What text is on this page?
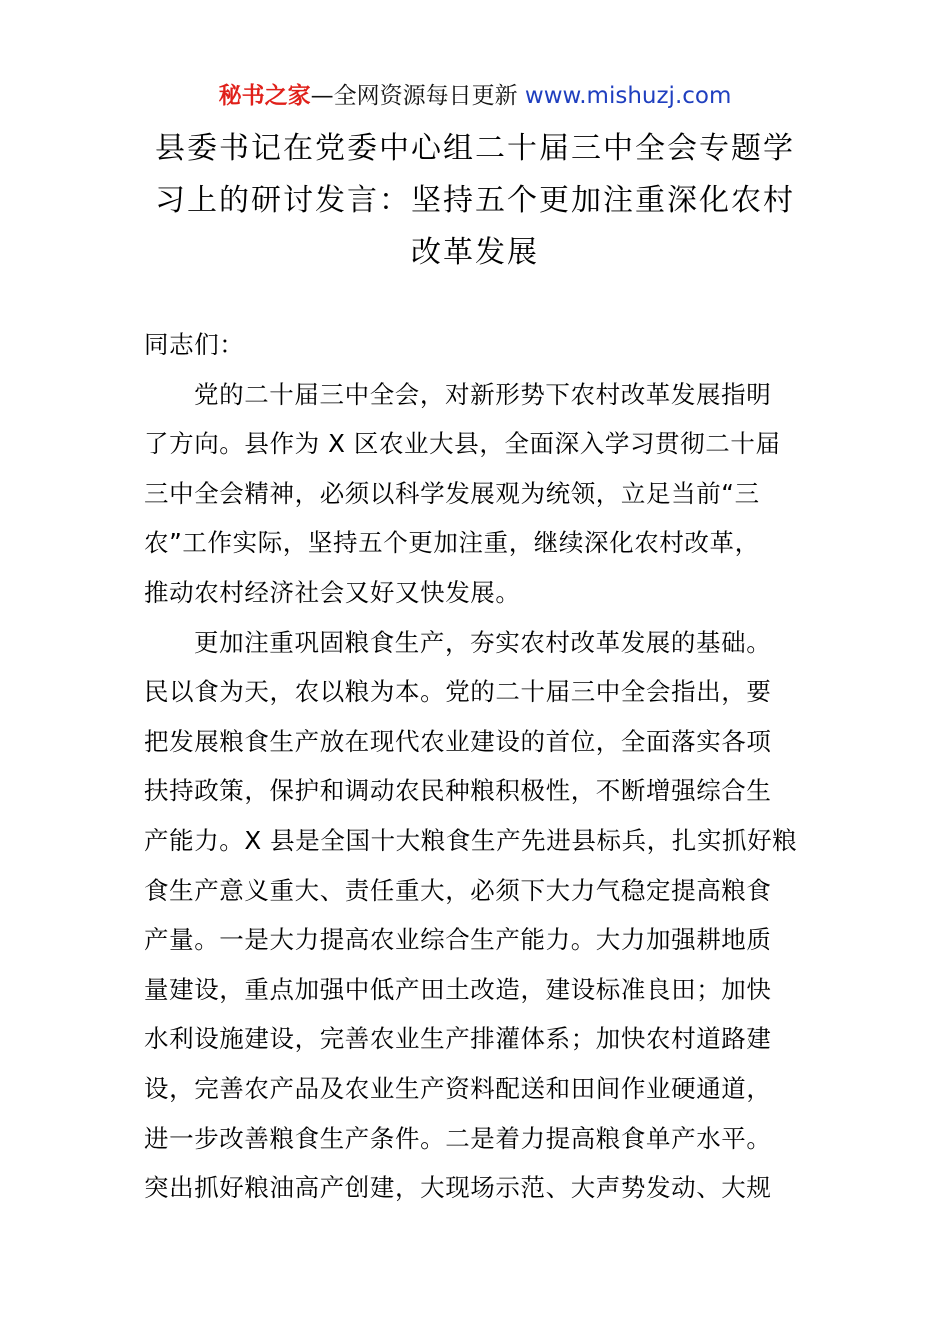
秘书之家—全网资源每日更新 www.mishuzj.com
县委书记在党委中心组二十届三中全会专题学
习上的研讨发言：坚持五个更加注重深化农村
改革发展
同志们：
党的二十届三中全会，对新形势下农村改革发展指明
了方向。县作为 X 区农业大县，全面深入学习贯彻二十届
三中全会精神，必须以科学发展观为统领，立足当前“三
农”工作实际，坚持五个更加注重，继续深化农村改革，
推动农村经济社会又好又快发展。
更加注重巩固粮食生产，夯实农村改革发展的基础。
民以食为天，农以粮为本。党的二十届三中全会指出，要
把发展粮食生产放在现代农业建设的首位，全面落实各项
扶持政策，保护和调动农民种粮积极性，不断增强综合生
产能力。X 县是全国十大粮食生产先进县标兵，扎实抓好粮
食生产意义重大、责任重大，必须下大力气稳定提高粮食
产量。一是大力提高农业综合生产能力。大力加强耕地质
量建设，重点加强中低产田土改造，建设标准良田；加快
水利设施建设，完善农业生产排灌体系；加快农村道路建
设，完善农产品及农业生产资料配送和田间作业硬通道，
进一步改善粮食生产条件。二是着力提高粮食单产水平。
突出抓好粮油高产创建，大现场示范、大声势发动、大规
